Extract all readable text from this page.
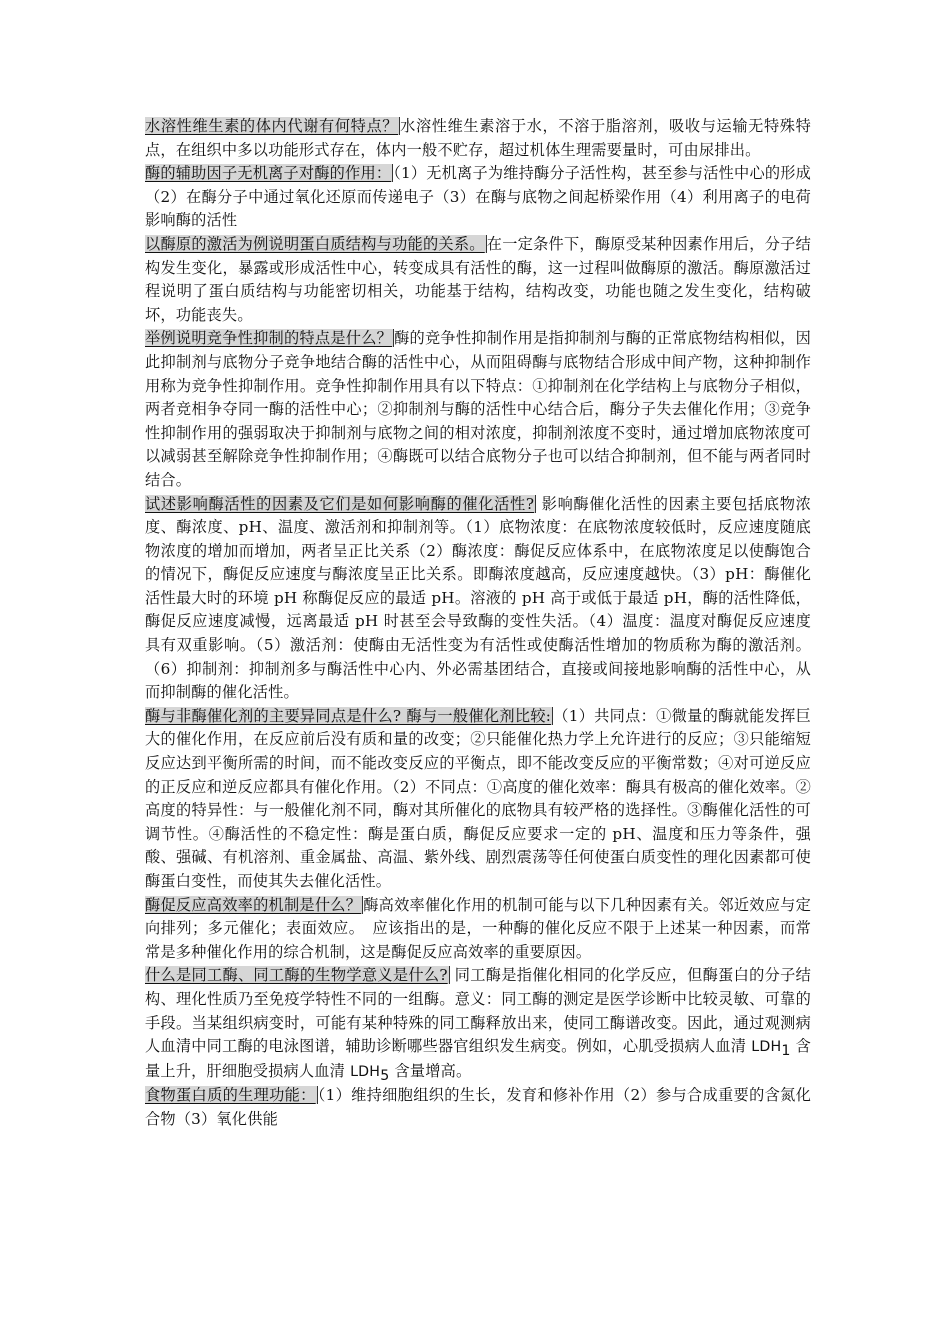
水溶性维生素的体内代谢有何特点？ 水溶性维生素溶于水，不溶于脂溶剂，吸收与运输无特殊特点，在组织中多以功能形式存在，体内一般不贮存，超过机体生理需要量时，可由尿排出。

酶的辅助因子无机离子对酶的作用： （1）无机离子为维持酶分子活性构，甚至参与活性中心的形成（2）在酶分子中通过氧化还原而传递电子（3）在酶与底物之间起桥梁作用（4）利用离子的电荷影响酶的活性

以酶原的激活为例说明蛋白质结构与功能的关系。 在一定条件下，酶原受某种因素作用后，分子结构发生变化，暴露或形成活性中心，转变成具有活性的酶，这一过程叫做酶原的激活。酶原激活过程说明了蛋白质结构与功能密切相关，功能基于结构，结构改变，功能也随之发生变化，结构破坏，功能丧失。

举例说明竞争性抑制的特点是什么？ 酶的竞争性抑制作用是指抑制剂与酶的正常底物结构相似，因此抑制剂与底物分子竞争地结合酶的活性中心，从而阻碍酶与底物结合形成中间产物，这种抑制作用称为竞争性抑制作用。竞争性抑制作用具有以下特点：①抑制剂在化学结构上与底物分子相似，两者竞相争夺同一酶的活性中心；②抑制剂与酶的活性中心结合后，酶分子失去催化作用；③竞争性抑制作用的强弱取决于抑制剂与底物之间的相对浓度，抑制剂浓度不变时，通过增加底物浓度可以减弱甚至解除竞争性抑制作用；④酶既可以结合底物分子也可以结合抑制剂，但不能与两者同时结合。

试述影响酶活性的因素及它们是如何影响酶的催化活性? 影响酶催化活性的因素主要包括底物浓度、酶浓度、pH、温度、激活剂和抑制剂等。（1）底物浓度：在底物浓度较低时，反应速度随底物浓度的增加而增加，两者呈正比关系（2）酶浓度：酶促反应体系中，在底物浓度足以使酶饱合的情况下，酶促反应速度与酶浓度呈正比关系。即酶浓度越高，反应速度越快。（3）pH：酶催化活性最大时的环境 pH 称酶促反应的最适 pH。溶液的 pH 高于或低于最适 pH，酶的活性降低，酶促反应速度减慢，远离最适 pH 时甚至会导致酶的变性失活。（4）温度：温度对酶促反应速度具有双重影响。（5）激活剂：使酶由无活性变为有活性或使酶活性增加的物质称为酶的激活剂。（6）抑制剂：抑制剂多与酶活性中心内、外必需基团结合，直接或间接地影响酶的活性中心，从而抑制酶的催化活性。

酶与非酶催化剂的主要异同点是什么? 酶与一般催化剂比较: （1）共同点：①微量的酶就能发挥巨大的催化作用，在反应前后没有质和量的改变；②只能催化热力学上允许进行的反应；③只能缩短反应达到平衡所需的时间，而不能改变反应的平衡点，即不能改变反应的平衡常数；④对可逆反应的正反应和逆反应都具有催化作用。（2）不同点：①高度的催化效率：酶具有极高的催化效率。②高度的特异性：与一般催化剂不同，酶对其所催化的底物具有较严格的选择性。③酶催化活性的可调节性。④酶活性的不稳定性：酶是蛋白质，酶促反应要求一定的 pH、温度和压力等条件，强酸、强碱、有机溶剂、重金属盐、高温、紫外线、剧烈震荡等任何使蛋白质变性的理化因素都可使酶蛋白变性，而使其失去催化活性。

酶促反应高效率的机制是什么？ 酶高效率催化作用的机制可能与以下几种因素有关。邻近效应与定向排列；多元催化；表面效应。　应该指出的是，一种酶的催化反应不限于上述某一种因素，而常常是多种催化作用的综合机制，这是酶促反应高效率的重要原因。

什么是同工酶、同工酶的生物学意义是什么? 同工酶是指催化相同的化学反应，但酶蛋白的分子结构、理化性质乃至免疫学特性不同的一组酶。意义：同工酶的测定是医学诊断中比较灵敏、可靠的手段。当某组织病变时，可能有某种特殊的同工酶释放出来，使同工酶谱改变。因此，通过观测病人血清中同工酶的电泳图谱，辅助诊断哪些器官组织发生病变。例如，心肌受损病人血清 $LDH_1$ 含量上升，肝细胞受损病人血清 $LDH_5$ 含量增高。

食物蛋白质的生理功能： （1）维持细胞组织的生长，发育和修补作用（2）参与合成重要的含氮化合物（3）氧化供能
